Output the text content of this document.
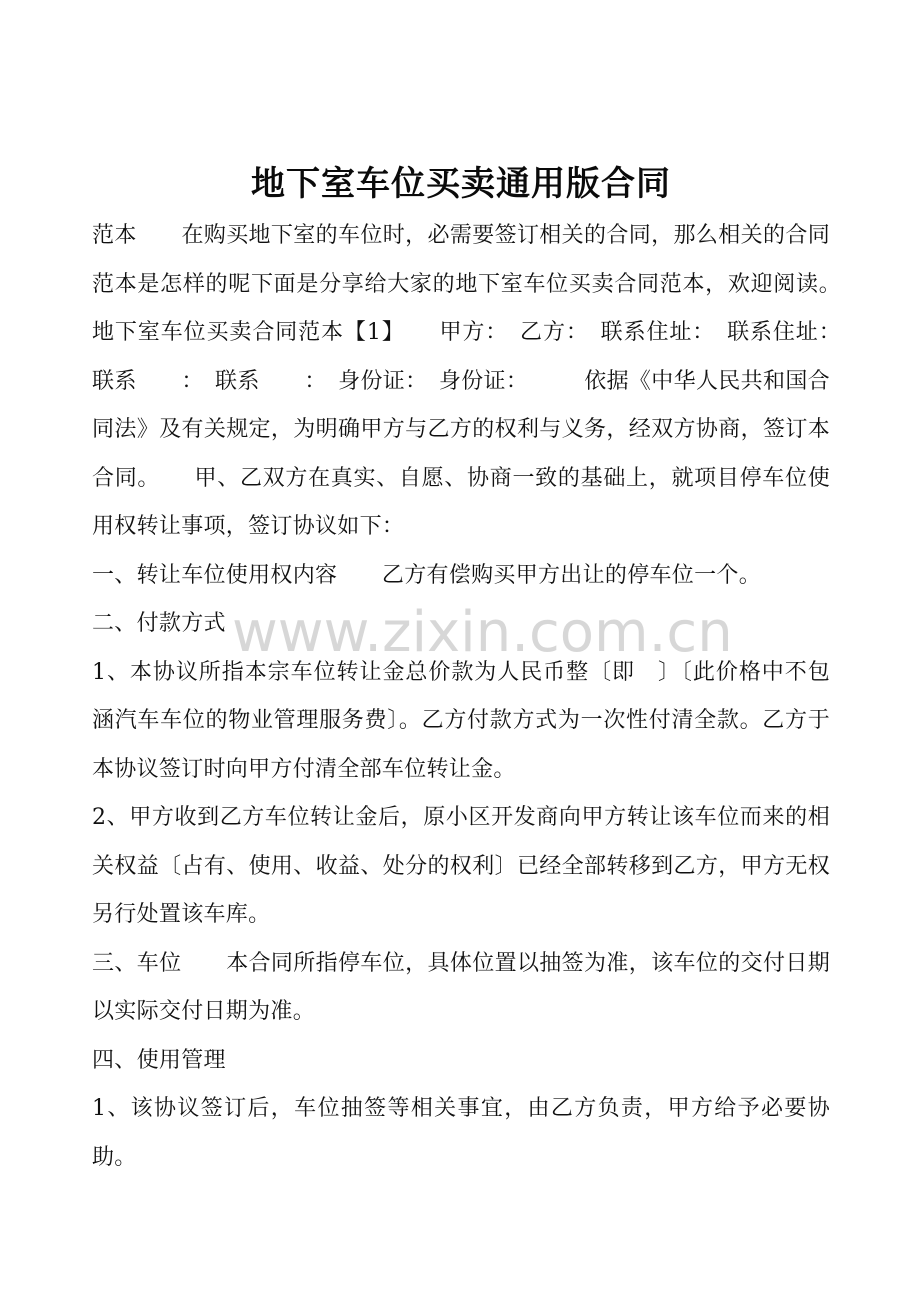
地下室车位买卖通用版合同

范本　　在购买地下室的车位时，必需要签订相关的合同，那么相关的合同范本是怎样的呢下面是分享给大家的地下室车位买卖合同范本，欢迎阅读。　　地下室车位买卖合同范本【1】　　甲方：　乙方：　联系住址：　联系住址：　联系　　：　联系　　：　身份证：　身份证：　　　依据《中华人民共和国合同法》及有关规定，为明确甲方与乙方的权利与义务，经双方协商，签订本合同。　　甲、乙双方在真实、自愿、协商一致的基础上，就项目停车位使用权转让事项，签订协议如下：

一、转让车位使用权内容　　乙方有偿购买甲方出让的停车位一个。

二、付款方式

1、本协议所指本宗车位转让金总价款为人民币整〔即　〕〔此价格中不包涵汽车车位的物业管理服务费〕。乙方付款方式为一次性付清全款。乙方于本协议签订时向甲方付清全部车位转让金。

2、甲方收到乙方车位转让金后，原小区开发商向甲方转让该车位而来的相关权益〔占有、使用、收益、处分的权利〕已经全部转移到乙方，甲方无权另行处置该车库。

三、车位　　本合同所指停车位，具体位置以抽签为准，该车位的交付日期以实际交付日期为准。

四、使用管理

1、该协议签订后，车位抽签等相关事宜，由乙方负责，甲方给予必要协助。

www.zixin.com.cn
